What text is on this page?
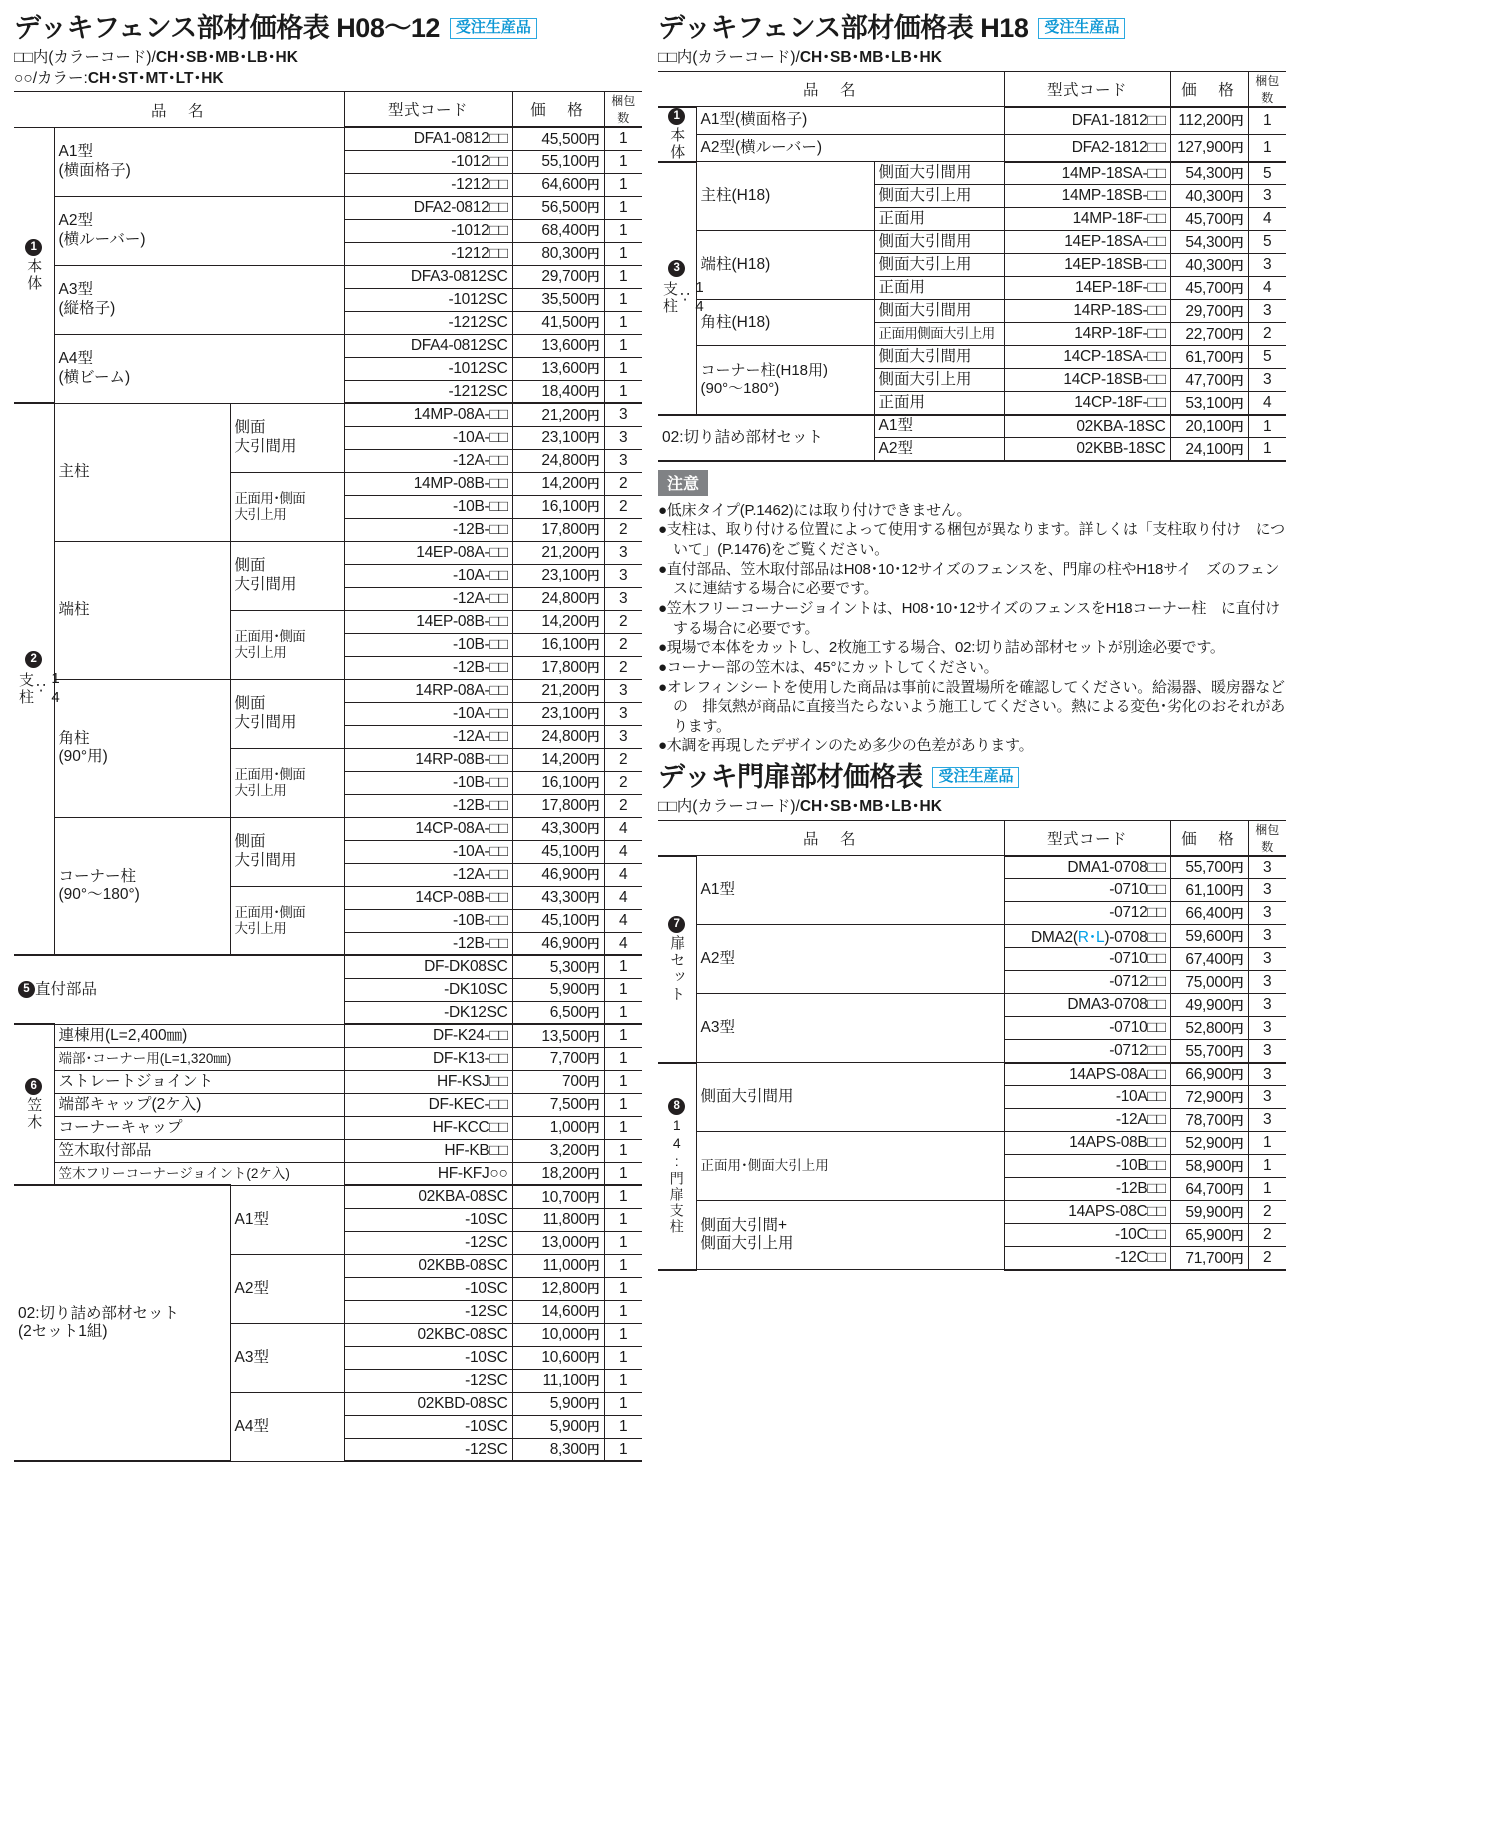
デッキフェンス部材価格表 H08〜12	受注生産品
□□内(カラーコード)/CH･SB･MB･LB･HK
○○/カラー:CH･ST･MT･LT･HK
品　名			型式コード	価　格	梱包数

1
本体	A1型
(横面格子)		DFA1-0812□□	45,500円	1
			-1012□□	55,100円	1
			-1212□□	64,600円	1
	A2型
(横ルーバー)		DFA2-0812□□	56,500円	1
			-1012□□	68,400円	1
			-1212□□	80,300円	1
	A3型
(縦格子)		DFA3-0812SC	29,700円	1
			-1012SC	35,500円	1
			-1212SC	41,500円	1
	A4型
(横ビーム)		DFA4-0812SC	13,600円	1
			-1012SC	13,600円	1
			-1212SC	18,400円	1

2
14
∵
支柱	主柱	側面
大引間用	14MP-08A-□□	21,200円	3
			-10A-□□	23,100円	3
			-12A-□□	24,800円	3
		正面用･側面
大引上用	14MP-08B-□□	14,200円	2
			-10B-□□	16,100円	2
			-12B-□□	17,800円	2
	端柱	側面
大引間用	14EP-08A-□□	21,200円	3
			-10A-□□	23,100円	3
			-12A-□□	24,800円	3
		正面用･側面
大引上用	14EP-08B-□□	14,200円	2
			-10B-□□	16,100円	2
			-12B-□□	17,800円	2
	角柱
(90°用)	側面
大引間用	14RP-08A-□□	21,200円	3
			-10A-□□	23,100円	3
			-12A-□□	24,800円	3
		正面用･側面
大引上用	14RP-08B-□□	14,200円	2
			-10B-□□	16,100円	2
			-12B-□□	17,800円	2
	コーナー柱
(90°〜180°)	側面
大引間用	14CP-08A-□□	43,300円	4
			-10A-□□	45,100円	4
			-12A-□□	46,900円	4
		正面用･側面
大引上用	14CP-08B-□□	43,300円	4
			-10B-□□	45,100円	4
			-12B-□□	46,900円	4
5 直付部品			DF-DK08SC	5,300円	1
			-DK10SC	5,900円	1
			-DK12SC	6,500円	1

6
笠木	連棟用(L=2,400㎜)		DF-K24-□□	13,500円	1
	端部･コーナー用(L=1,320㎜)		DF-K13-□□	7,700円	1
	ストレートジョイント		HF-KSJ□□	700円	1
	端部キャップ(2ケ入)		DF-KEC-□□	7,500円	1
	コーナーキャップ		HF-KCC□□	1,000円	1
	笠木取付部品		HF-KB□□	3,200円	1
	笠木フリーコーナージョイント(2ケ入)		HF-KFJ○○	18,200円	1
02:切り詰め部材セット
(2セット1組)		A1型	02KBA-08SC	10,700円	1
			-10SC	11,800円	1
			-12SC	13,000円	1
		A2型	02KBB-08SC	11,000円	1
			-10SC	12,800円	1
			-12SC	14,600円	1
		A3型	02KBC-08SC	10,000円	1
			-10SC	10,600円	1
			-12SC	11,100円	1
		A4型	02KBD-08SC	5,900円	1
			-10SC	5,900円	1
			-12SC	8,300円	1
デッキフェンス部材価格表 H18	受注生産品
□□内(カラーコード)/CH･SB･MB･LB･HK
品　名			型式コード	価　格	梱包数

1
本体	A1型(横面格子)		DFA1-1812□□	112,200円	1
	A2型(横ルーバー)		DFA2-1812□□	127,900円	1

3
14
∵
支柱	主柱(H18)	側面大引間用	14MP-18SA-□□	54,300円	5
		側面大引上用	14MP-18SB-□□	40,300円	3
		正面用	14MP-18F-□□	45,700円	4
	端柱(H18)	側面大引間用	14EP-18SA-□□	54,300円	5
		側面大引上用	14EP-18SB-□□	40,300円	3
		正面用	14EP-18F-□□	45,700円	4
	角柱(H18)	側面大引間用	14RP-18S-□□	29,700円	3
		正面用側面大引上用	14RP-18F-□□	22,700円	2
	コーナー柱(H18用)
(90°〜180°)	側面大引間用	14CP-18SA-□□	61,700円	5
		側面大引上用	14CP-18SB-□□	47,700円	3
		正面用	14CP-18F-□□	53,100円	4
02:切り詰め部材セット		A1型	02KBA-18SC	20,100円	1
		A2型	02KBB-18SC	24,100円	1
注意
●低床タイプ(P.1462)には取り付けできません。
●支柱は、取り付ける位置によって使用する梱包が異なります。詳しくは「支柱取り付け　について」(P.1476)をご覧ください。
●直付部品、笠木取付部品はH08･10･12サイズのフェンスを、門扉の柱やH18サイ　ズのフェンスに連結する場合に必要です。
●笠木フリーコーナージョイントは、H08･10･12サイズのフェンスをH18コーナー柱　に直付けする場合に必要です。
●現場で本体をカットし、2枚施工する場合、02:切り詰め部材セットが別途必要です。
●コーナー部の笠木は、45°にカットしてください。
●オレフィンシートを使用した商品は事前に設置場所を確認してください。給湯器、暖房器などの　排気熱が商品に直接当たらないよう施工してください。熱による変色･劣化のおそれがあります。
●木調を再現したデザインのため多少の色差があります。
デッキ門扉部材価格表	受注生産品
□□内(カラーコード)/CH･SB･MB･LB･HK
品　名		型式コード	価　格	梱包数

7
扉セット	A1型	DMA1-0708□□	55,700円	3
		-0710□□	61,100円	3
		-0712□□	66,400円	3
	A2型	DMA2(R･L)-0708□□	59,600円	3
		-0710□□	67,400円	3
		-0712□□	75,000円	3
	A3型	DMA3-0708□□	49,900円	3
		-0710□□	52,800円	3
		-0712□□	55,700円	3

8
14:門扉支柱	側面大引間用	14APS-08A□□	66,900円	3
		-10A□□	72,900円	3
		-12A□□	78,700円	3
	正面用･側面大引上用	14APS-08B□□	52,900円	1
		-10B□□	58,900円	1
		-12B□□	64,700円	1
	側面大引間+
側面大引上用	14APS-08C□□	59,900円	2
		-10C□□	65,900円	2
		-12C□□	71,700円	2
